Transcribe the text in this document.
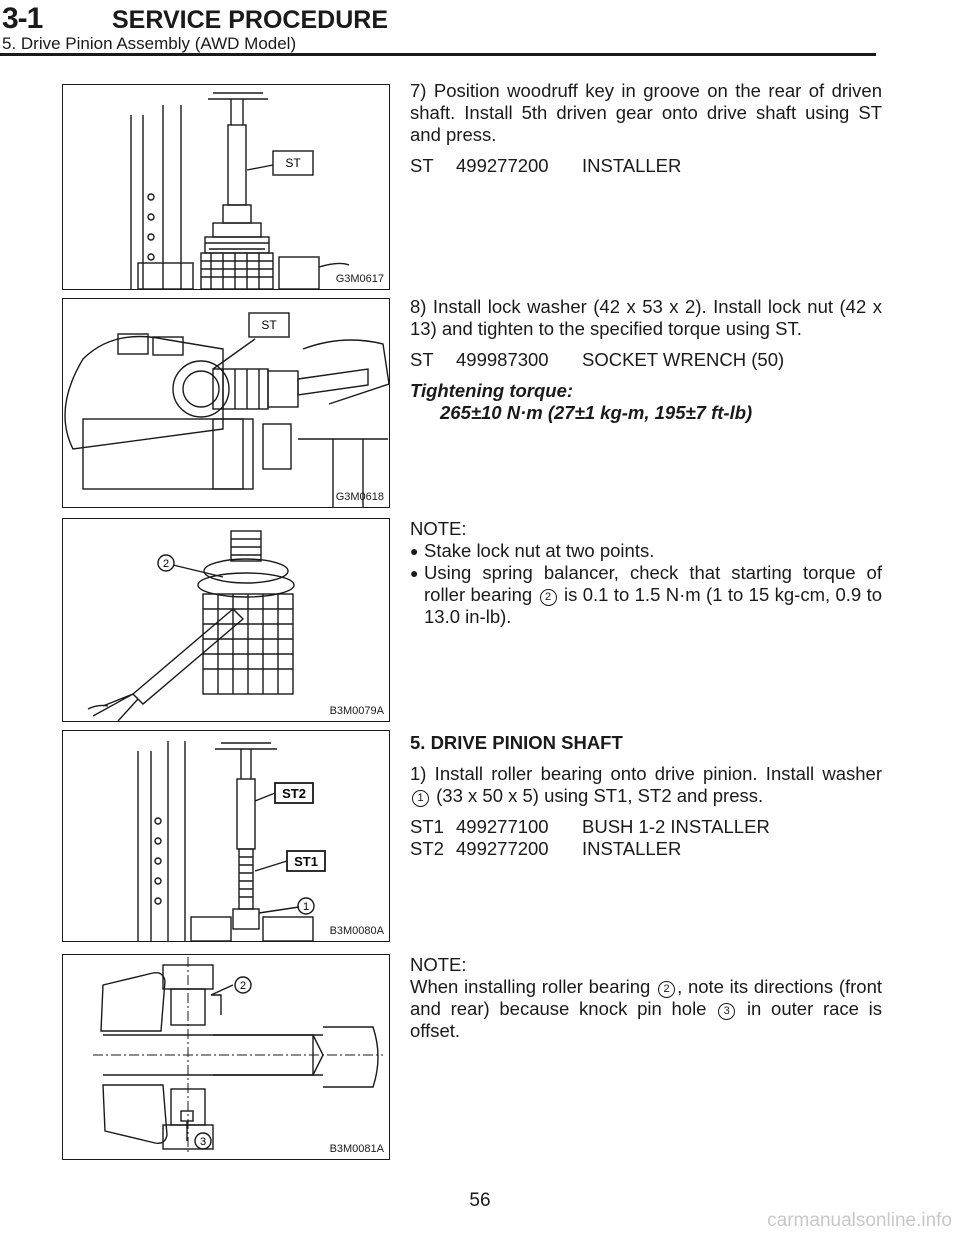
3-1	SERVICE PROCEDURE
5. Drive Pinion Assembly (AWD Model)
ST
G3M0617
ST
G3M0618
2
B3M0079A
ST2
ST1
1
B3M0080A
2
3
B3M0081A

7) Position woodruff key in groove on the rear of driven shaft. Install 5th driven gear onto drive shaft using ST and press.

ST	499277200	INSTALLER

8) Install lock washer (42 x 53 x 2). Install lock nut (42 x 13) and tighten to the specified torque using ST.

ST	499987300	SOCKET WRENCH (50)
Tightening torque:
265±10 N·m (27±1 kg-m, 195±7 ft-lb)
NOTE:
● Stake lock nut at two points.
● Using spring balancer, check that starting torque of roller bearing 2 is 0.1 to 1.5 N·m (1 to 15 kg-cm, 0.9 to 13.0 in-lb).

5. DRIVE PINION SHAFT

1) Install roller bearing onto drive pinion. Install washer 1 (33 x 50 x 5) using ST1, ST2 and press.

ST1 499277100	BUSH 1-2 INSTALLER
ST2 499277200	INSTALLER
NOTE:
When installing roller bearing 2 , note its directions (front and rear) because knock pin hole 3 in outer race is offset.
56
carmanualsonline.info
